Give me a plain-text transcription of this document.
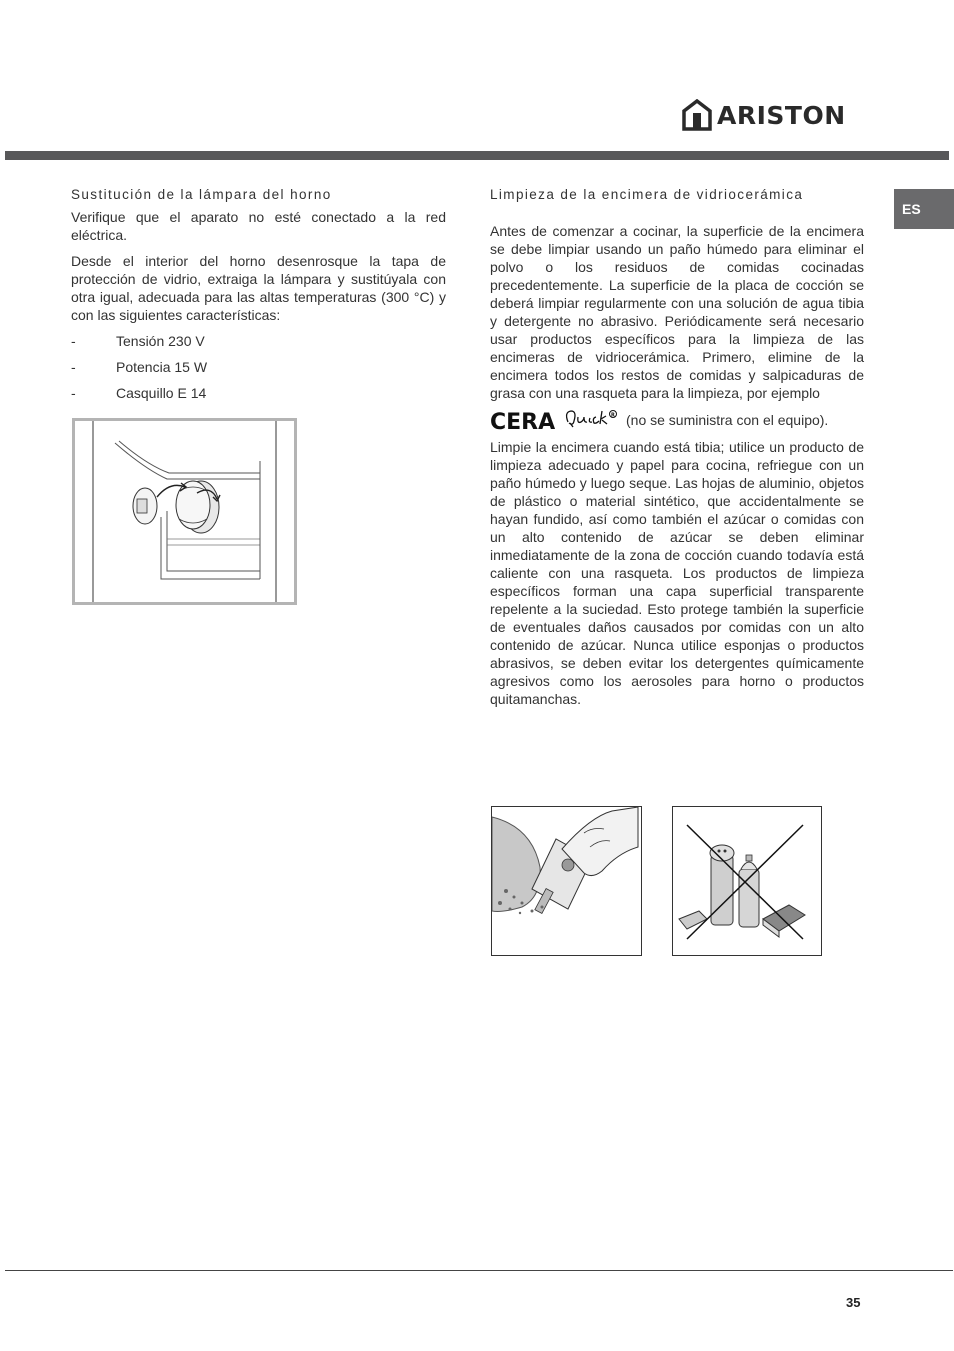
ARISTON
ES
Sustitución de la lámpara del horno

Verifique que el aparato no esté conectado a la red eléctrica.

Desde el interior del horno desenrosque la tapa de protección de vidrio, extraiga la lámpara y sustitúyala con otra igual, adecuada para las altas temperaturas (300 °C) y con las siguientes características:

-	Tensión 230 V
-	Potencia 15 W
-	Casquillo E 14
Limpieza de la encimera de vidriocerámica

Antes de comenzar a cocinar, la superficie de la encimera se debe limpiar usando un paño húmedo para eliminar el polvo o los residuos de comidas cocinadas precedentemente. La superficie de la placa de cocción se deberá limpiar regularmente con una solución de agua tibia y detergente no abrasivo. Periódicamente será necesario usar productos específicos para la limpieza de las encimeras de vidriocerámica. Primero, elimine de la encimera todos los restos de comidas y salpicaduras de grasa con una rasqueta para la limpieza, por ejemplo

CERA	R (no se suministra con el equipo).

Limpie la encimera cuando está tibia; utilice un producto de limpieza adecuado y papel para cocina, refriegue con un paño húmedo y luego seque. Las hojas de aluminio, objetos de plástico o material sintético, que accidentalmente se hayan fundido, así como también el azúcar o comidas con un alto contenido de azúcar se deben eliminar inmediatamente de la zona de cocción cuando todavía está caliente con una rasqueta. Los productos de limpieza específicos forman una capa superficial transparente repelente a la suciedad. Esto protege también la superficie de eventuales daños causados por comidas con un alto contenido de azúcar. Nunca utilice esponjas o productos abrasivos, se deben evitar los detergentes químicamente agresivos como los aerosoles para horno o productos quitamanchas.

35
